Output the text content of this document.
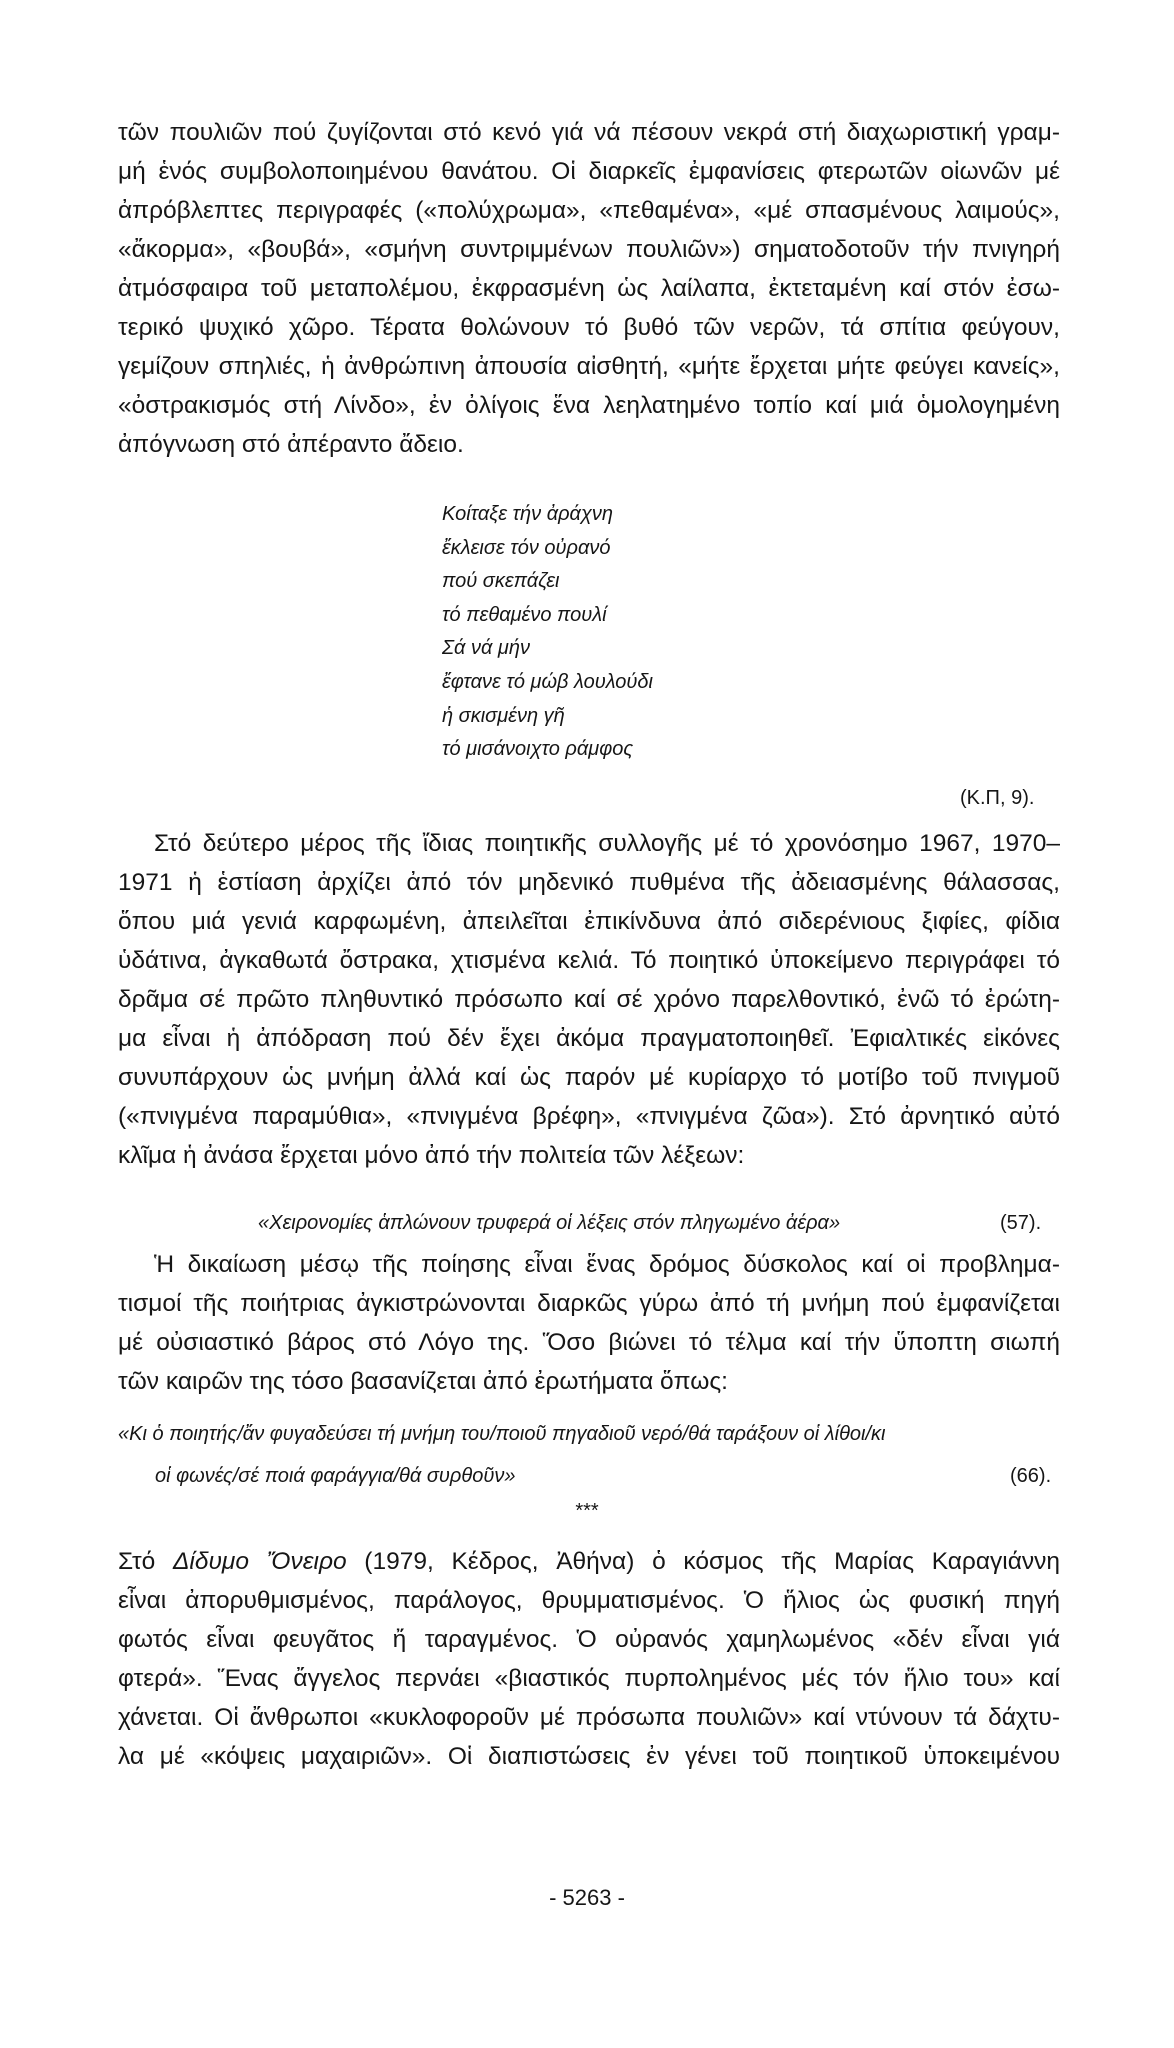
τῶν πουλιῶν πού ζυγίζονται στό κενό γιά νά πέσουν νεκρά στή διαχωριστική γραμ-
μή ἑνός συμβολοποιημένου θανάτου. Οἱ διαρκεῖς ἐμφανίσεις φτερωτῶν οἰωνῶν μέ
ἀπρόβλεπτες περιγραφές («πολύχρωμα», «πεθαμένα», «μέ σπασμένους λαιμούς»,
«ἄκορμα», «βουβά», «σμήνη συντριμμένων πουλιῶν») σηματοδοτοῦν τήν πνιγηρή
ἀτμόσφαιρα τοῦ μεταπολέμου, ἐκφρασμένη ὡς λαίλαπα, ἐκτεταμένη καί στόν ἐσω-
τερικό ψυχικό χῶρο. Τέρατα θολώνουν τό βυθό τῶν νερῶν, τά σπίτια φεύγουν,
γεμίζουν σπηλιές, ἡ ἀνθρώπινη ἀπουσία αἰσθητή, «μήτε ἔρχεται μήτε φεύγει κανείς»,
«ὀστρακισμός στή Λίνδο», ἐν ὀλίγοις ἕνα λεηλατημένο τοπίο καί μιά ὁμολογημένη
ἀπόγνωση στό ἀπέραντο ἄδειο.
Κοίταξε τήν ἀράχνη
ἔκλεισε τόν οὐρανό
πού σκεπάζει
τό πεθαμένο πουλί
Σά νά μήν
ἔφτανε τό μώβ λουλούδι
ἡ σκισμένη γῆ
τό μισάνοιχτο ράμφος
(Κ.Π, 9).
Στό δεύτερο μέρος τῆς ἴδιας ποιητικῆς συλλογῆς μέ τό χρονόσημο 1967, 1970–
1971 ἡ ἑστίαση ἀρχίζει ἀπό τόν μηδενικό πυθμένα τῆς ἀδειασμένης θάλασσας,
ὅπου μιά γενιά καρφωμένη, ἀπειλεῖται ἐπικίνδυνα ἀπό σιδερένιους ξιφίες, φίδια
ὑδάτινα, ἀγκαθωτά ὄστρακα, χτισμένα κελιά. Τό ποιητικό ὑποκείμενο περιγράφει τό
δρᾶμα σέ πρῶτο πληθυντικό πρόσωπο καί σέ χρόνο παρελθοντικό, ἐνῶ τό ἐρώτη-
μα εἶναι ἡ ἀπόδραση πού δέν ἔχει ἀκόμα πραγματοποιηθεῖ. Ἐφιαλτικές εἰκόνες
συνυπάρχουν ὡς μνήμη ἀλλά καί ὡς παρόν μέ κυρίαρχο τό μοτίβο τοῦ πνιγμοῦ
(«πνιγμένα παραμύθια», «πνιγμένα βρέφη», «πνιγμένα ζῶα»). Στό ἀρνητικό αὐτό
κλῖμα ἡ ἀνάσα ἔρχεται μόνο ἀπό τήν πολιτεία τῶν λέξεων:
«Χειρονομίες ἁπλώνουν τρυφερά οἱ λέξεις στόν πληγωμένο ἀέρα»	(57).
Ἡ δικαίωση μέσῳ τῆς ποίησης εἶναι ἕνας δρόμος δύσκολος καί οἱ προβλημα-
τισμοί τῆς ποιήτριας ἀγκιστρώνονται διαρκῶς γύρω ἀπό τή μνήμη πού ἐμφανίζεται
μέ οὐσιαστικό βάρος στό Λόγο της. Ὅσο βιώνει τό τέλμα καί τήν ὕποπτη σιωπή
τῶν καιρῶν της τόσο βασανίζεται ἀπό ἐρωτήματα ὅπως:
«Κι ὁ ποιητής/ἄν φυγαδεύσει τή μνήμη του/ποιοῦ πηγαδιοῦ νερό/θά ταράξουν οἱ λίθοι/κι
οἱ φωνές/σέ ποιά φαράγγια/θά συρθοῦν»	(66).
***
Στό Δίδυμο Ὄνειρο (1979, Κέδρος, Ἀθήνα) ὁ κόσμος τῆς Μαρίας Καραγιάννη
εἶναι ἀπορυθμισμένος, παράλογος, θρυμματισμένος. Ὁ ἥλιος ὡς φυσική πηγή
φωτός εἶναι φευγᾶτος ἤ ταραγμένος. Ὁ οὐρανός χαμηλωμένος «δέν εἶναι γιά
φτερά». Ἕνας ἄγγελος περνάει «βιαστικός πυρπολημένος μές τόν ἥλιο του» καί
χάνεται. Οἱ ἄνθρωποι «κυκλοφοροῦν μέ πρόσωπα πουλιῶν» καί ντύνουν τά δάχτυ-
λα μέ «κόψεις μαχαιριῶν». Οἱ διαπιστώσεις ἐν γένει τοῦ ποιητικοῦ ὑποκειμένου
- 5263 -
